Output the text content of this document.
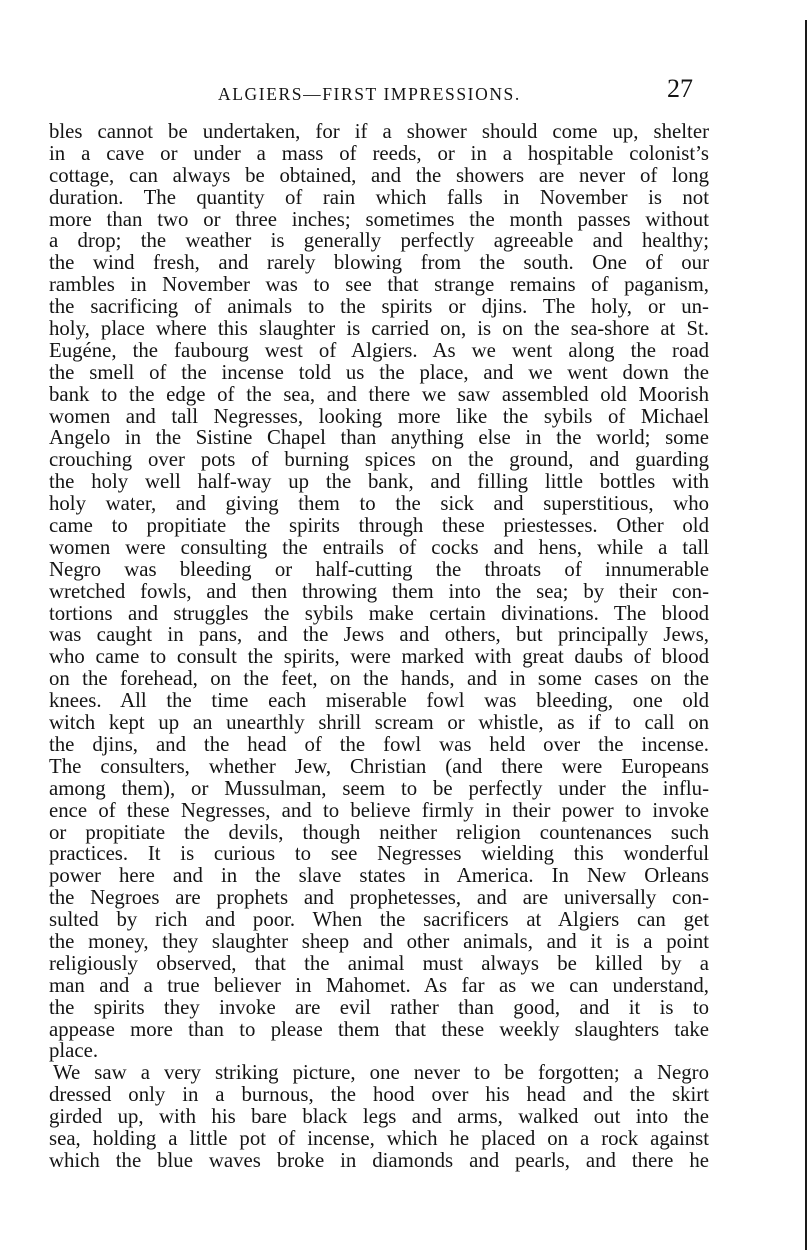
ALGIERS—FIRST IMPRESSIONS.	27
bles cannot be undertaken, for if a shower should come up, shelter
in a cave or under a mass of reeds, or in a hospitable colonist’s
cottage, can always be obtained, and the showers are never of long
duration. The quantity of rain which falls in November is not
more than two or three inches; sometimes the month passes without
a drop; the weather is generally perfectly agreeable and healthy;
the wind fresh, and rarely blowing from the south. One of our
rambles in November was to see that strange remains of paganism,
the sacrificing of animals to the spirits or djins. The holy, or un-
holy, place where this slaughter is carried on, is on the sea-shore at St.
Eugéne, the faubourg west of Algiers. As we went along the road
the smell of the incense told us the place, and we went down the
bank to the edge of the sea, and there we saw assembled old Moorish
women and tall Negresses, looking more like the sybils of Michael
Angelo in the Sistine Chapel than anything else in the world; some
crouching over pots of burning spices on the ground, and guarding
the holy well half-way up the bank, and filling little bottles with
holy water, and giving them to the sick and superstitious, who
came to propitiate the spirits through these priestesses. Other old
women were consulting the entrails of cocks and hens, while a tall
Negro was bleeding or half-cutting the throats of innumerable
wretched fowls, and then throwing them into the sea; by their con-
tortions and struggles the sybils make certain divinations. The blood
was caught in pans, and the Jews and others, but principally Jews,
who came to consult the spirits, were marked with great daubs of blood
on the forehead, on the feet, on the hands, and in some cases on the
knees. All the time each miserable fowl was bleeding, one old
witch kept up an unearthly shrill scream or whistle, as if to call on
the djins, and the head of the fowl was held over the incense.
The consulters, whether Jew, Christian (and there were Europeans
among them), or Mussulman, seem to be perfectly under the influ-
ence of these Negresses, and to believe firmly in their power to invoke
or propitiate the devils, though neither religion countenances such
practices. It is curious to see Negresses wielding this wonderful
power here and in the slave states in America. In New Orleans
the Negroes are prophets and prophetesses, and are universally con-
sulted by rich and poor. When the sacrificers at Algiers can get
the money, they slaughter sheep and other animals, and it is a point
religiously observed, that the animal must always be killed by a
man and a true believer in Mahomet. As far as we can understand,
the spirits they invoke are evil rather than good, and it is to
appease more than to please them that these weekly slaughters take
place.
We saw a very striking picture, one never to be forgotten; a Negro
dressed only in a burnous, the hood over his head and the skirt
girded up, with his bare black legs and arms, walked out into the
sea, holding a little pot of incense, which he placed on a rock against
which the blue waves broke in diamonds and pearls, and there he
